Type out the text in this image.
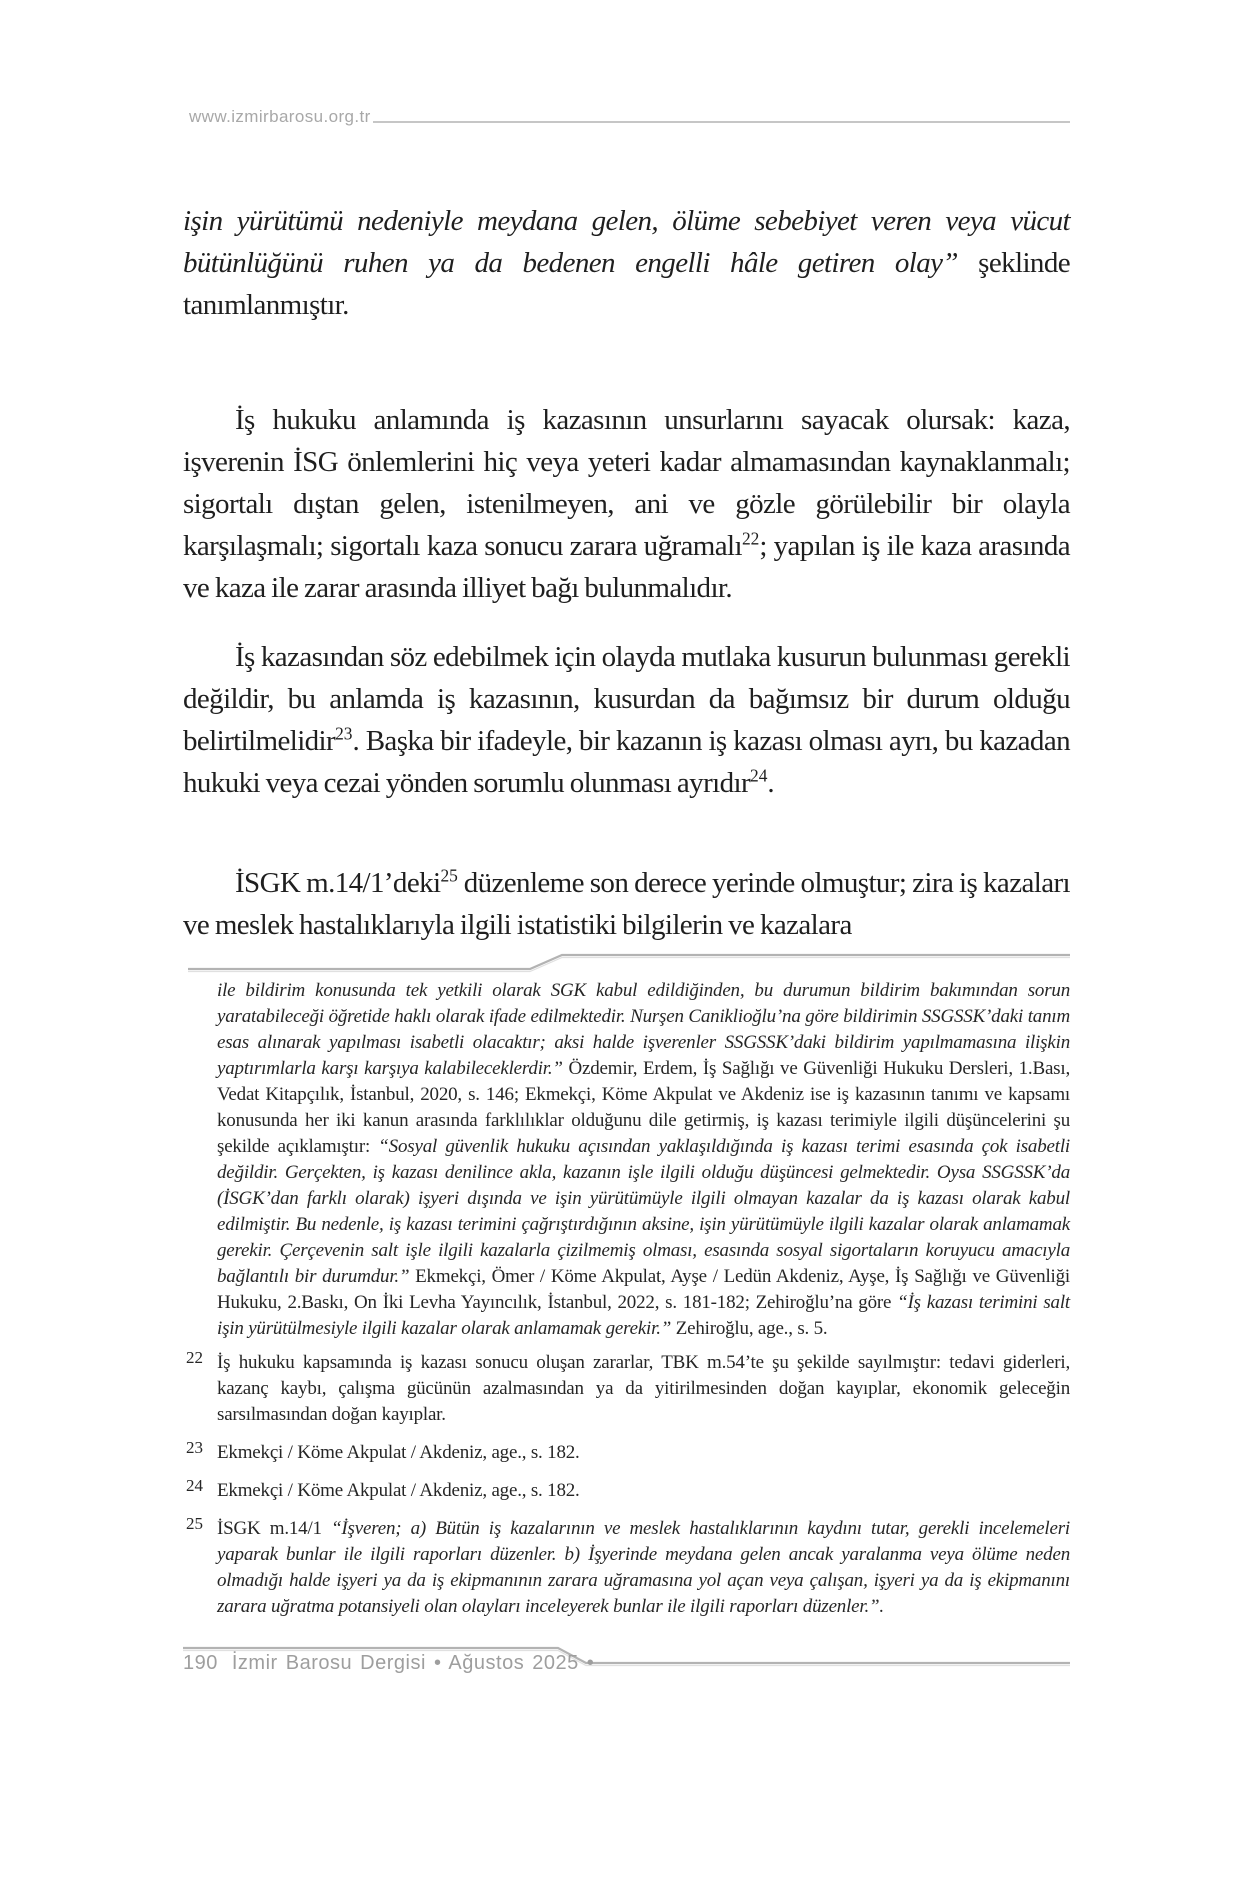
www.izmirbarosu.org.tr

işin yürütümü nedeniyle meydana gelen, ölüme sebebiyet veren veya vücut bütünlüğünü ruhen ya da bedenen engelli hâle getiren olay” şeklinde tanımlanmıştır.

İş hukuku anlamında iş kazasının unsurlarını sayacak olursak: kaza, işverenin İSG önlemlerini hiç veya yeteri kadar almamasından kaynaklanmalı; sigortalı dıştan gelen, istenilmeyen, ani ve gözle görülebilir bir olayla karşılaşmalı; sigortalı kaza sonucu zarara uğramalı$^{22}$; yapılan iş ile kaza arasında ve kaza ile zarar arasında illiyet bağı bulunmalıdır.

İş kazasından söz edebilmek için olayda mutlaka kusurun bulunması gerekli değildir, bu anlamda iş kazasının, kusurdan da bağımsız bir durum olduğu belirtilmelidir$^{23}$. Başka bir ifadeyle, bir kazanın iş kazası olması ayrı, bu kazadan hukuki veya cezai yönden sorumlu olunması ayrıdır$^{24}$.

İSGK m.14/1’deki$^{25}$ düzenleme son derece yerinde olmuştur; zira iş kazaları ve meslek hastalıklarıyla ilgili istatistiki bilgilerin ve kazalara

ile bildirim konusunda tek yetkili olarak SGK kabul edildiğinden, bu durumun bildirim bakımından sorun yaratabileceği öğretide haklı olarak ifade edilmektedir. Nurşen Caniklioğlu’na göre bildirimin SSGSSK’daki tanım esas alınarak yapılması isabetli olacaktır; aksi halde işverenler SSGSSK’daki bildirim yapılmamasına ilişkin yaptırımlarla karşı karşıya kalabileceklerdir.” Özdemir, Erdem, İş Sağlığı ve Güvenliği Hukuku Dersleri, 1.Bası, Vedat Kitapçılık, İstanbul, 2020, s. 146; Ekmekçi, Köme Akpulat ve Akdeniz ise iş kazasının tanımı ve kapsamı konusunda her iki kanun arasında farklılıklar olduğunu dile getirmiş, iş kazası terimiyle ilgili düşüncelerini şu şekilde açıklamıştır: “Sosyal güvenlik hukuku açısından yaklaşıldığında iş kazası terimi esasında çok isabetli değildir. Gerçekten, iş kazası denilince akla, kazanın işle ilgili olduğu düşüncesi gelmektedir. Oysa SSGSSK’da (İSGK’dan farklı olarak) işyeri dışında ve işin yürütümüyle ilgili olmayan kazalar da iş kazası olarak kabul edilmiştir. Bu nedenle, iş kazası terimini çağrıştırdığının aksine, işin yürütümüyle ilgili kazalar olarak anlamamak gerekir. Çerçevenin salt işle ilgili kazalarla çizilmemiş olması, esasında sosyal sigortaların koruyucu amacıyla bağlantılı bir durumdur.” Ekmekçi, Ömer / Köme Akpulat, Ayşe / Ledün Akdeniz, Ayşe, İş Sağlığı ve Güvenliği Hukuku, 2.Baskı, On İki Levha Yayıncılık, İstanbul, 2022, s. 181-182; Zehiroğlu’na göre “İş kazası terimini salt işin yürütülmesiyle ilgili kazalar olarak anlamamak gerekir.” Zehiroğlu, age., s. 5.

22 İş hukuku kapsamında iş kazası sonucu oluşan zararlar, TBK m.54’te şu şekilde sayılmıştır: tedavi giderleri, kazanç kaybı, çalışma gücünün azalmasından ya da yitirilmesinden doğan kayıplar, ekonomik geleceğin sarsılmasından doğan kayıplar.

23 Ekmekçi / Köme Akpulat / Akdeniz, age., s. 182.

24 Ekmekçi / Köme Akpulat / Akdeniz, age., s. 182.

25 İSGK m.14/1 “İşveren; a) Bütün iş kazalarının ve meslek hastalıklarının kaydını tutar, gerekli incelemeleri yaparak bunlar ile ilgili raporları düzenler. b) İşyerinde meydana gelen ancak yaralanma veya ölüme neden olmadığı halde işyeri ya da iş ekipmanının zarara uğramasına yol açan veya çalışan, işyeri ya da iş ekipmanını zarara uğratma potansiyeli olan olayları inceleyerek bunlar ile ilgili raporları düzenler.”.

190 İzmir Barosu Dergisi • Ağustos 2025 •
